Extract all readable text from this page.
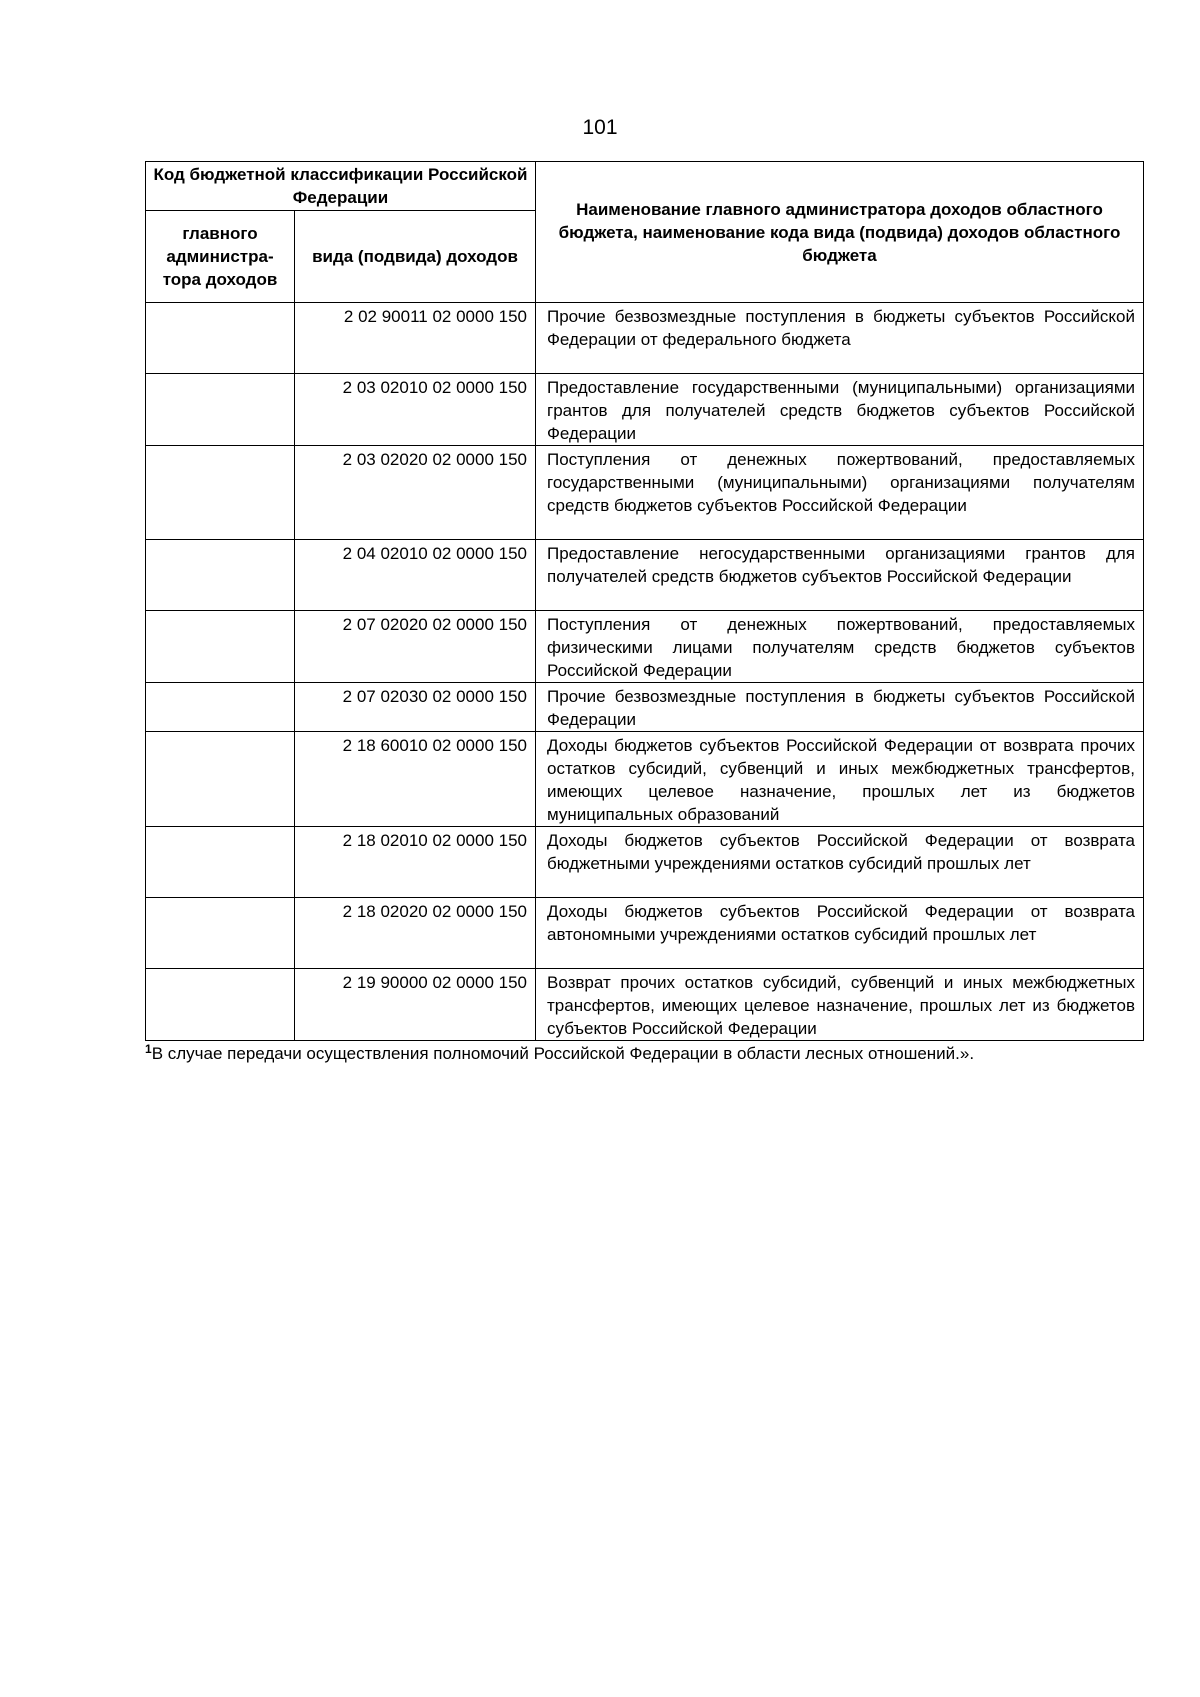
101
Код бюджетной классификации Российской Федерации		Наименование главного администратора доходов областного бюджета, наименование кода вида (подвида) доходов областного бюджета
главного администра-тора доходов	вида (подвида) доходов	
	2 02 90011 02 0000 150	Прочие безвозмездные поступления в бюджеты субъектов Российской Федерации от федерального бюджета
	2 03 02010 02 0000 150	Предоставление государственными (муниципальными) организациями грантов для получателей средств бюджетов субъектов Российской Федерации
	2 03 02020 02 0000 150	Поступления от денежных пожертвований, предоставляемых государственными (муниципальными) организациями получателям средств бюджетов субъектов Российской Федерации
	2 04 02010 02 0000 150	Предоставление негосударственными организациями грантов для получателей средств бюджетов субъектов Российской Федерации
	2 07 02020 02 0000 150	Поступления от денежных пожертвований, предоставляемых физическими лицами получателям средств бюджетов субъектов Российской Федерации
	2 07 02030 02 0000 150	Прочие безвозмездные поступления в бюджеты субъектов Российской Федерации
	2 18 60010 02 0000 150	Доходы бюджетов субъектов Российской Федерации от возврата прочих остатков субсидий, субвенций и иных межбюджетных трансфертов, имеющих целевое назначение, прошлых лет из бюджетов муниципальных образований
	2 18 02010 02 0000 150	Доходы бюджетов субъектов Российской Федерации от возврата бюджетными учреждениями остатков субсидий прошлых лет
	2 18 02020 02 0000 150	Доходы бюджетов субъектов Российской Федерации от возврата автономными учреждениями остатков субсидий прошлых лет
	2 19 90000 02 0000 150	Возврат прочих остатков субсидий, субвенций и иных межбюджетных трансфертов, имеющих целевое назначение, прошлых лет из бюджетов субъектов Российской Федерации
$^1$В случае передачи осуществления полномочий Российской Федерации в области лесных отношений.».
